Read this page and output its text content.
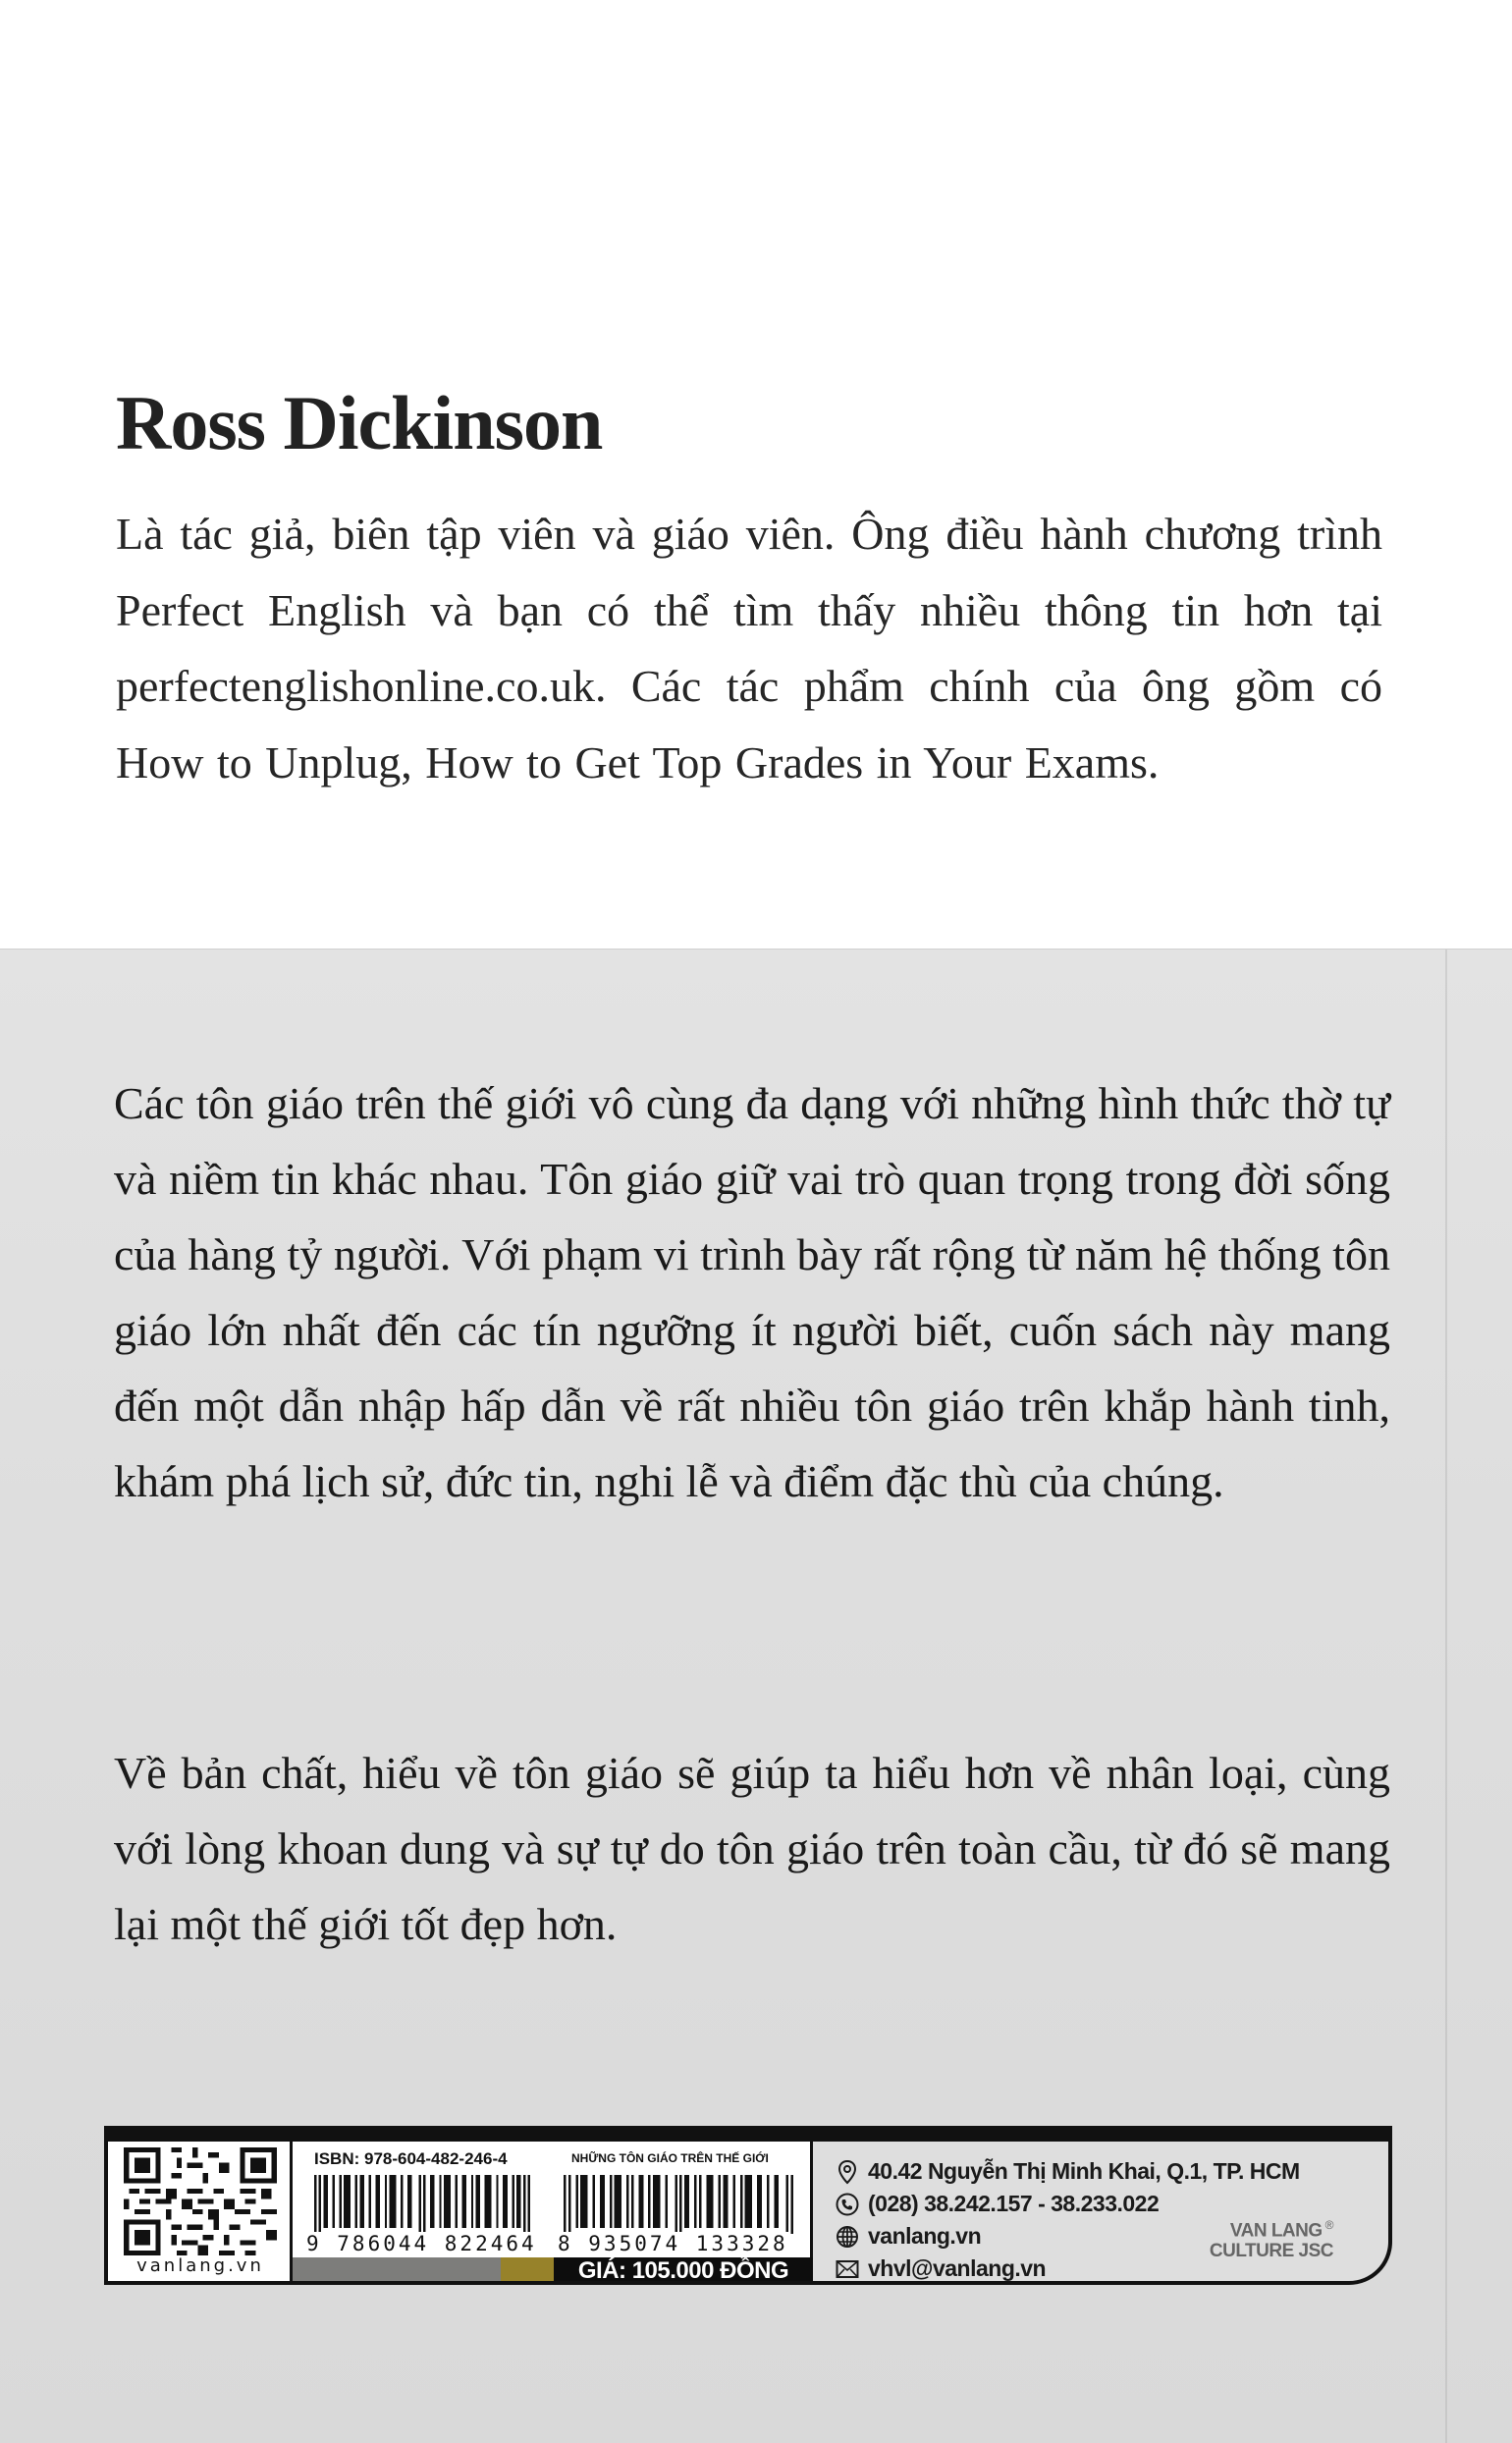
Ross Dickinson

Là tác giả, biên tập viên và giáo viên. Ông điều hành chương trình Perfect English và bạn có thể tìm thấy nhiều thông tin hơn tại perfectenglishonline.co.uk. Các tác phẩm chính của ông gồm có How to Unplug, How to Get Top Grades in Your Exams.

Các tôn giáo trên thế giới vô cùng đa dạng với những hình thức thờ tự và niềm tin khác nhau. Tôn giáo giữ vai trò quan trọng trong đời sống của hàng tỷ người. Với phạm vi trình bày rất rộng từ năm hệ thống tôn giáo lớn nhất đến các tín ngưỡng ít người biết, cuốn sách này mang đến một dẫn nhập hấp dẫn về rất nhiều tôn giáo trên khắp hành tinh, khám phá lịch sử, đức tin, nghi lễ và điểm đặc thù của chúng.

Về bản chất, hiểu về tôn giáo sẽ giúp ta hiểu hơn về nhân loại, cùng với lòng khoan dung và sự tự do tôn giáo trên toàn cầu, từ đó sẽ mang lại một thế giới tốt đẹp hơn.

vanlang.vn
ISBN: 978-604-482-246-4	NHỮNG TÔN GIÁO TRÊN THẾ GIỚI
9 786044 822464 8 935074 133328
GIÁ: 105.000 ĐỒNG
40.42 Nguyễn Thị Minh Khai, Q.1, TP. HCM
(028) 38.242.157 - 38.233.022
vanlang.vn
vhvl@vanlang.vn
VAN LANG ®
CULTURE JSC
